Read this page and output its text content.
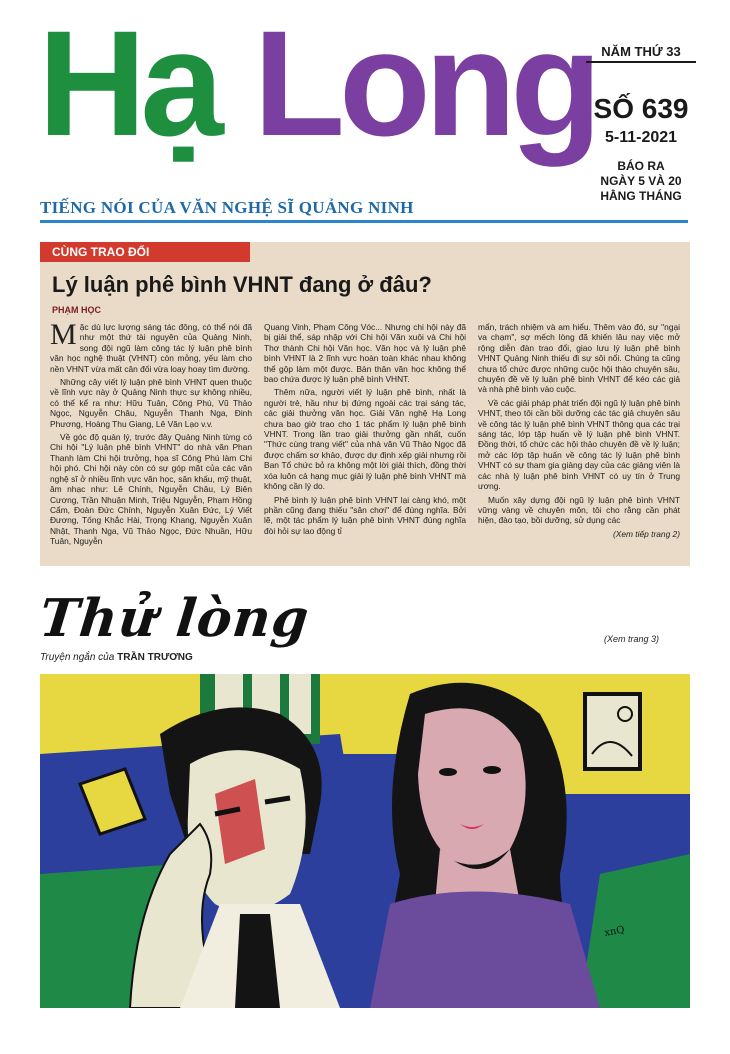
Hạ Long
TIẾNG NÓI CỦA VĂN NGHỆ SĨ QUẢNG NINH
NĂM THỨ 33
SỐ 639
5-11-2021
BÁO RA
NGÀY 5 VÀ 20
HẰNG THÁNG
CÙNG TRAO ĐỔI
Lý luận phê bình VHNT đang ở đâu?
PHẠM HỌC

Mặc dù lực lượng sáng tác đông, có thể nói đã như một thứ tài nguyên của Quảng Ninh, song đội ngũ làm công tác lý luận phê bình văn học nghệ thuật (VHNT) còn mỏng, yếu làm cho nền VHNT vừa mất cân đối vừa loay hoay tìm đường.

Những cây viết lý luận phê bình VHNT quen thuộc về lĩnh vực này ở Quảng Ninh thực sự không nhiều, có thể kể ra như: Hữu Tuân, Công Phú, Vũ Thảo Ngọc, Nguyễn Châu, Nguyễn Thanh Nga, Đinh Phương, Hoàng Thu Giang, Lê Văn Lạo v.v.

Về góc độ quản lý, trước đây Quảng Ninh từng có Chi hội "Lý luận phê bình VHNT" do nhà văn Phan Thanh làm Chi hội trưởng, họa sĩ Công Phú làm Chi hội phó. Chi hội này còn có sự góp mặt của các văn nghệ sĩ ở nhiều lĩnh vực văn học, sân khấu, mỹ thuật, âm nhạc như: Lê Chính, Nguyễn Châu, Lý Biên Cương, Trần Nhuận Minh, Triệu Nguyễn, Phạm Hồng Cẩm, Đoàn Đức Chính, Nguyễn Xuân Đức, Lý Viết Đương, Tống Khắc Hài, Trọng Khang, Nguyễn Xuân Nhật, Thanh Nga, Vũ Thảo Ngọc, Đức Nhuần, Hữu Tuân, Nguyễn

Quang Vinh, Phạm Công Vóc... Nhưng chi hội này đã bị giải thể, sáp nhập với Chi hội Văn xuôi và Chi hội Thơ thành Chi hội Văn học. Văn học và lý luận phê bình VHNT là 2 lĩnh vực hoàn toàn khác nhau không thể gộp làm một được. Bản thân văn học không thể bao chứa được lý luận phê bình VHNT.

Thêm nữa, người viết lý luận phê bình, nhất là người trẻ, hầu như bị đứng ngoài các trại sáng tác, các giải thưởng văn học. Giải Văn nghệ Hạ Long chưa bao giờ trao cho 1 tác phẩm lý luận phê bình VHNT. Trong lần trao giải thưởng gần nhất, cuốn "Thức cùng trang viết" của nhà văn Vũ Thảo Ngọc đã được chấm sơ khảo, được dự định xếp giải nhưng rồi Ban Tổ chức bỏ ra không một lời giải thích, đồng thời xóa luôn cả hạng mục giải lý luận phê bình VHNT mà không cần lý do.

Phê bình lý luận phê bình VHNT lại càng khó, một phần cũng đang thiếu "sân chơi" để đúng nghĩa. Bởi lẽ, một tác phẩm lý luận phê bình VHNT đúng nghĩa đòi hỏi sự lao động tỉ

mẩn, trách nhiệm và am hiểu. Thêm vào đó, sự "ngại va chạm", sợ mếch lòng đã khiến lâu nay việc mở rộng diễn đàn trao đổi, giao lưu lý luận phê bình VHNT Quảng Ninh thiếu đi sự sôi nổi. Chúng ta cũng chưa tổ chức được những cuộc hội thảo chuyên sâu, chuyên đề về lý luận phê bình VHNT để kéo các giả và nhà phê bình vào cuộc.

Về các giải pháp phát triển đội ngũ lý luận phê bình VHNT, theo tôi cần bồi dưỡng các tác giả chuyên sâu về công tác lý luận phê bình VHNT thông qua các trại sáng tác, lớp tập huấn về lý luận phê bình VHNT. Đồng thời, tổ chức các hội thảo chuyên đề về lý luận; mở các lớp tập huấn về công tác lý luận phê bình VHNT có sự tham gia giảng dạy của các giảng viên là các nhà lý luận phê bình VHNT có uy tín ở Trung ương.

Muốn xây dựng đội ngũ lý luận phê bình VHNT vững vàng về chuyên môn, tôi cho rằng cần phát hiện, đào tạo, bồi dưỡng, sử dụng các

(Xem tiếp trang 2)
Thử lòng
Truyện ngắn của TRẦN TRƯƠNG
(Xem trang 3)
xnQ
